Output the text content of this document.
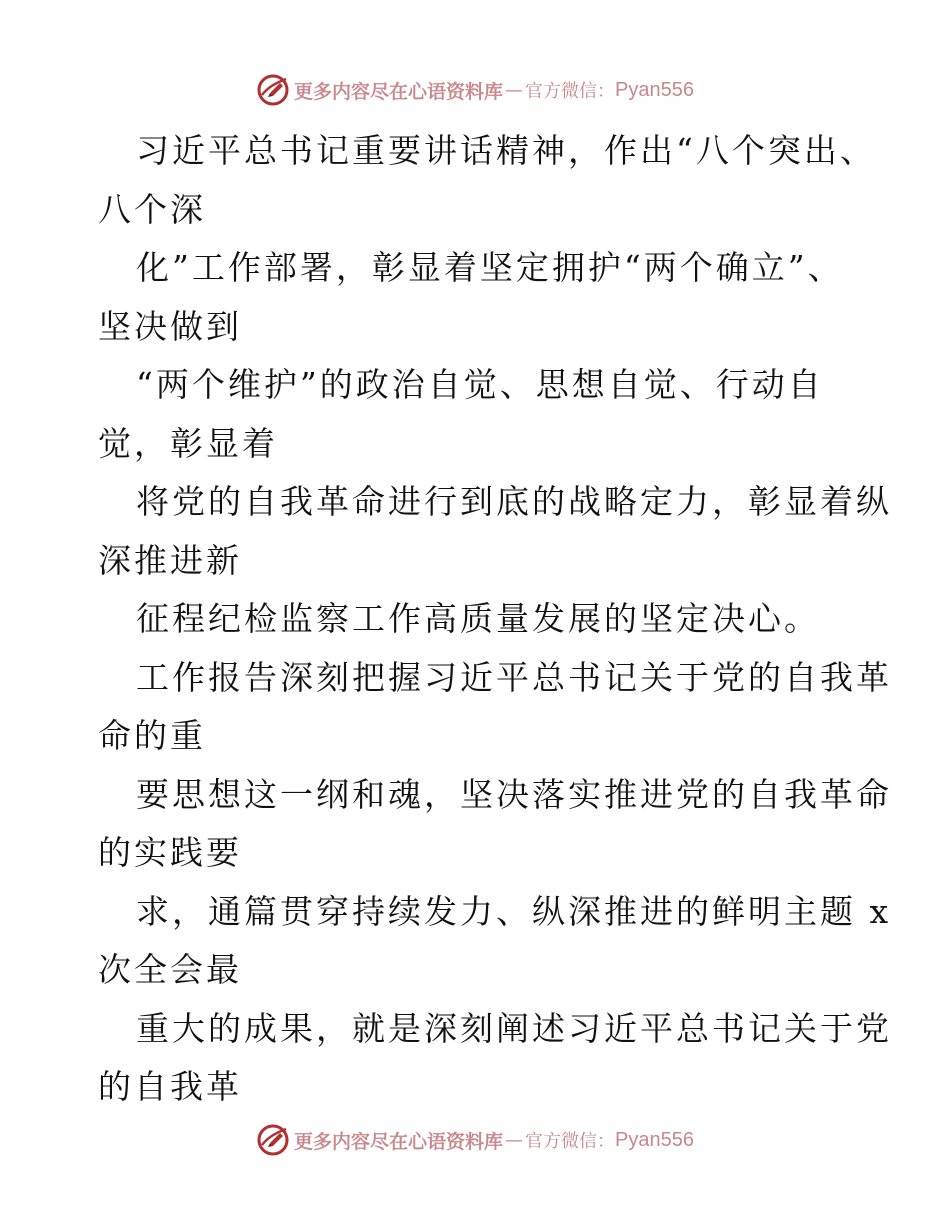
更多内容尽在心语资料库 — 官方微信： Pyan556
习近平总书记重要讲话精神，作出“八个突出、
八个深
化”工作部署，彰显着坚定拥护“两个确立”、
坚决做到
“两个维护”的政治自觉、思想自觉、行动自
觉，彰显着
将党的自我革命进行到底的战略定力，彰显着纵
深推进新
征程纪检监察工作高质量发展的坚定决心。
工作报告深刻把握习近平总书记关于党的自我革
命的重
要思想这一纲和魂，坚决落实推进党的自我革命
的实践要
求，通篇贯穿持续发力、纵深推进的鲜明主题 x
次全会最
重大的成果，就是深刻阐述习近平总书记关于党
的自我革
更多内容尽在心语资料库 — 官方微信： Pyan556
